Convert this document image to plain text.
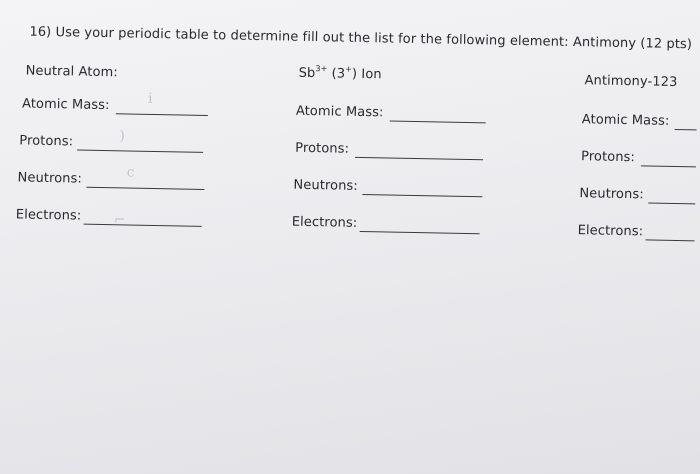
16) Use your periodic table to determine fill out the list for the following element: Antimony (12 pts)
Neutral Atom:
Atomic Mass:	ⅰ
Protons:	)
Neutrons:	c
Electrons: ⌐
$Sb^{3+}$ (3+) Ion
Atomic Mass:
Protons:
Neutrons:
Electrons:
Antimony-123
Atomic Mass:
Protons:
Neutrons:
Electrons:
